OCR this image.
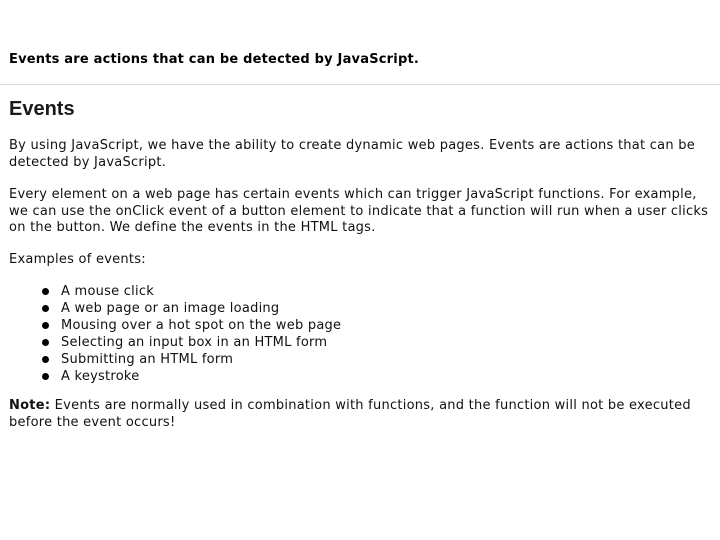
Events are actions that can be detected by JavaScript.
Events

By using JavaScript, we have the ability to create dynamic web pages. Events are actions that can be detected by JavaScript.

Every element on a web page has certain events which can trigger JavaScript functions. For example, we can use the onClick event of a button element to indicate that a function will run when a user clicks on the button. We define the events in the HTML tags.

Examples of events:

A mouse click
A web page or an image loading
Mousing over a hot spot on the web page
Selecting an input box in an HTML form
Submitting an HTML form
A keystroke

Note: Events are normally used in combination with functions, and the function will not be executed before the event occurs!
